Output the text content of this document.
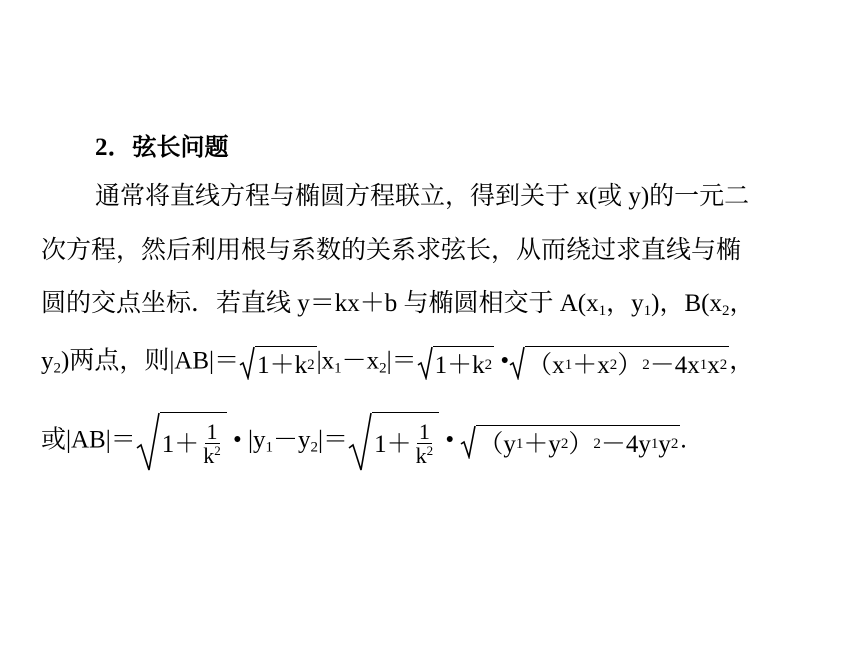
2．弦长问题
通常将直线方程与椭圆方程联立，得到关于 x(或 y)的一元二
次方程，然后利用根与系数的关系求弦长，从而绕过求直线与椭
圆的交点坐标．若直线 y＝kx＋b 与椭圆相交于 $A(x_1$，$y_1$)，$B(x_2$，
$y_2$)两点，则|AB|＝ 1＋k 2 $|x_1-x_2|= 1+k$ 2 • （x 1 ＋x 2 ） 2 －4x 1 x 2 ，
或$|AB|= 1+ \frac{1}{k^2}$ • $|y_1-y_2|= 1+ \frac{1}{k^2}$ • （y 1 ＋y 2 ） 2 －4y 1 y 2 .
